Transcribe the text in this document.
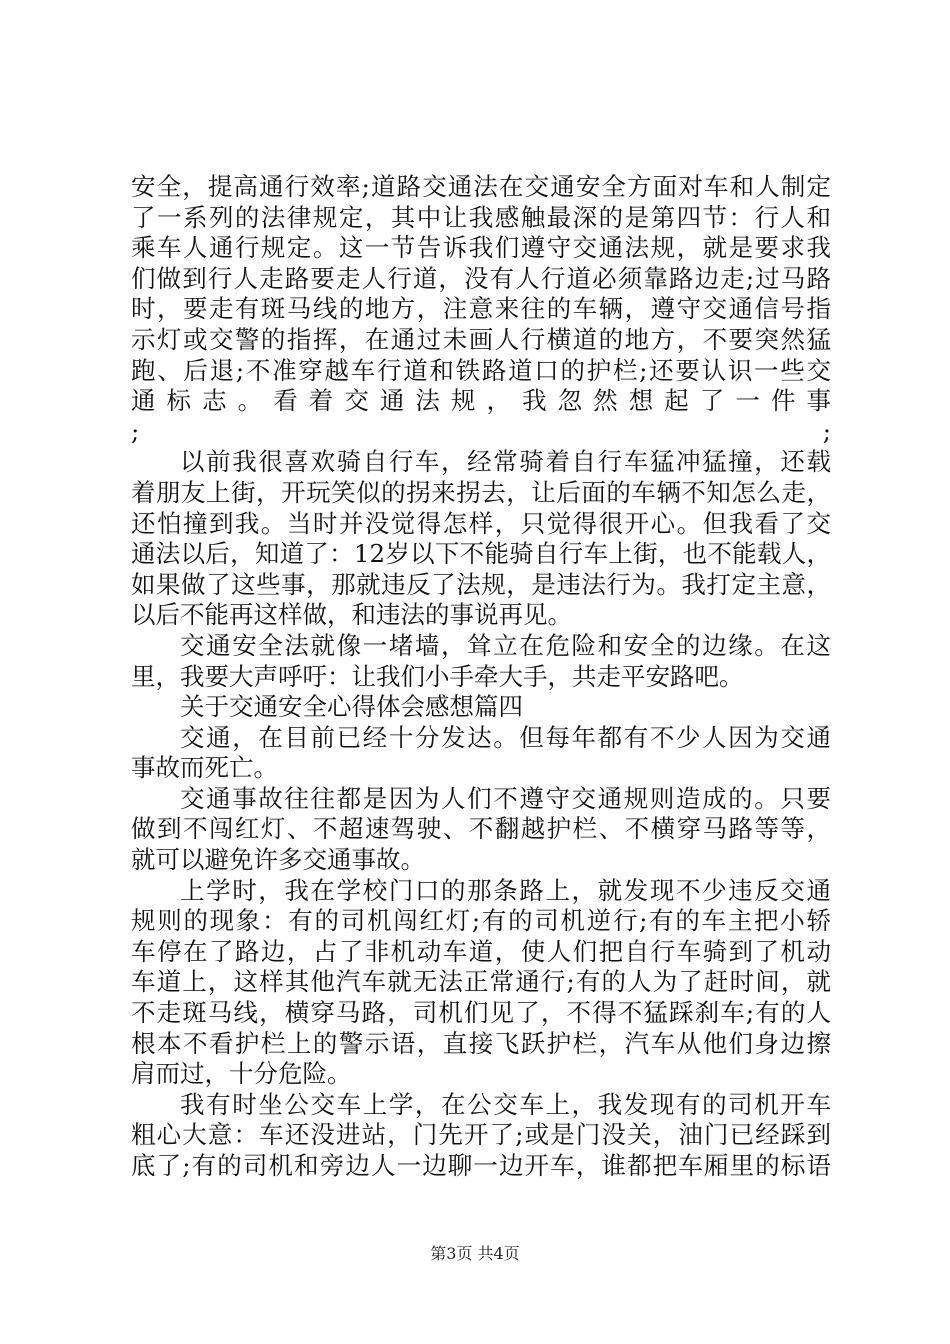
安全，提高通行效率;道路交通法在交通安全方面对车和人制定
了一系列的法律规定，其中让我感触最深的是第四节：行人和
乘车人通行规定。这一节告诉我们遵守交通法规，就是要求我
们做到行人走路要走人行道，没有人行道必须靠路边走;过马路
时，要走有斑马线的地方，注意来往的车辆，遵守交通信号指
示灯或交警的指挥，在通过未画人行横道的地方，不要突然猛
跑、后退;不准穿越车行道和铁路道口的护栏;还要认识一些交
通 标 志 。 看 着 交 通 法 规 ， 我 忽 然 想 起 了 一 件 事
; ;
以前我很喜欢骑自行车，经常骑着自行车猛冲猛撞，还载
着朋友上街，开玩笑似的拐来拐去，让后面的车辆不知怎么走，
还怕撞到我。当时并没觉得怎样，只觉得很开心。但我看了交
通法以后，知道了：12岁以下不能骑自行车上街，也不能载人，
如果做了这些事，那就违反了法规，是违法行为。我打定主意，
以后不能再这样做，和违法的事说再见。
交通安全法就像一堵墙，耸立在危险和安全的边缘。在这
里，我要大声呼吁：让我们小手牵大手，共走平安路吧。
关于交通安全心得体会感想篇四
交通，在目前已经十分发达。但每年都有不少人因为交通
事故而死亡。
交通事故往往都是因为人们不遵守交通规则造成的。只要
做到不闯红灯、不超速驾驶、不翻越护栏、不横穿马路等等，
就可以避免许多交通事故。
上学时，我在学校门口的那条路上，就发现不少违反交通
规则的现象：有的司机闯红灯;有的司机逆行;有的车主把小轿
车停在了路边，占了非机动车道，使人们把自行车骑到了机动
车道上，这样其他汽车就无法正常通行;有的人为了赶时间，就
不走斑马线，横穿马路，司机们见了，不得不猛踩刹车;有的人
根本不看护栏上的警示语，直接飞跃护栏，汽车从他们身边擦
肩而过，十分危险。
我有时坐公交车上学，在公交车上，我发现有的司机开车
粗心大意：车还没进站，门先开了;或是门没关，油门已经踩到
底了;有的司机和旁边人一边聊一边开车，谁都把车厢里的标语
第3页 共4页
